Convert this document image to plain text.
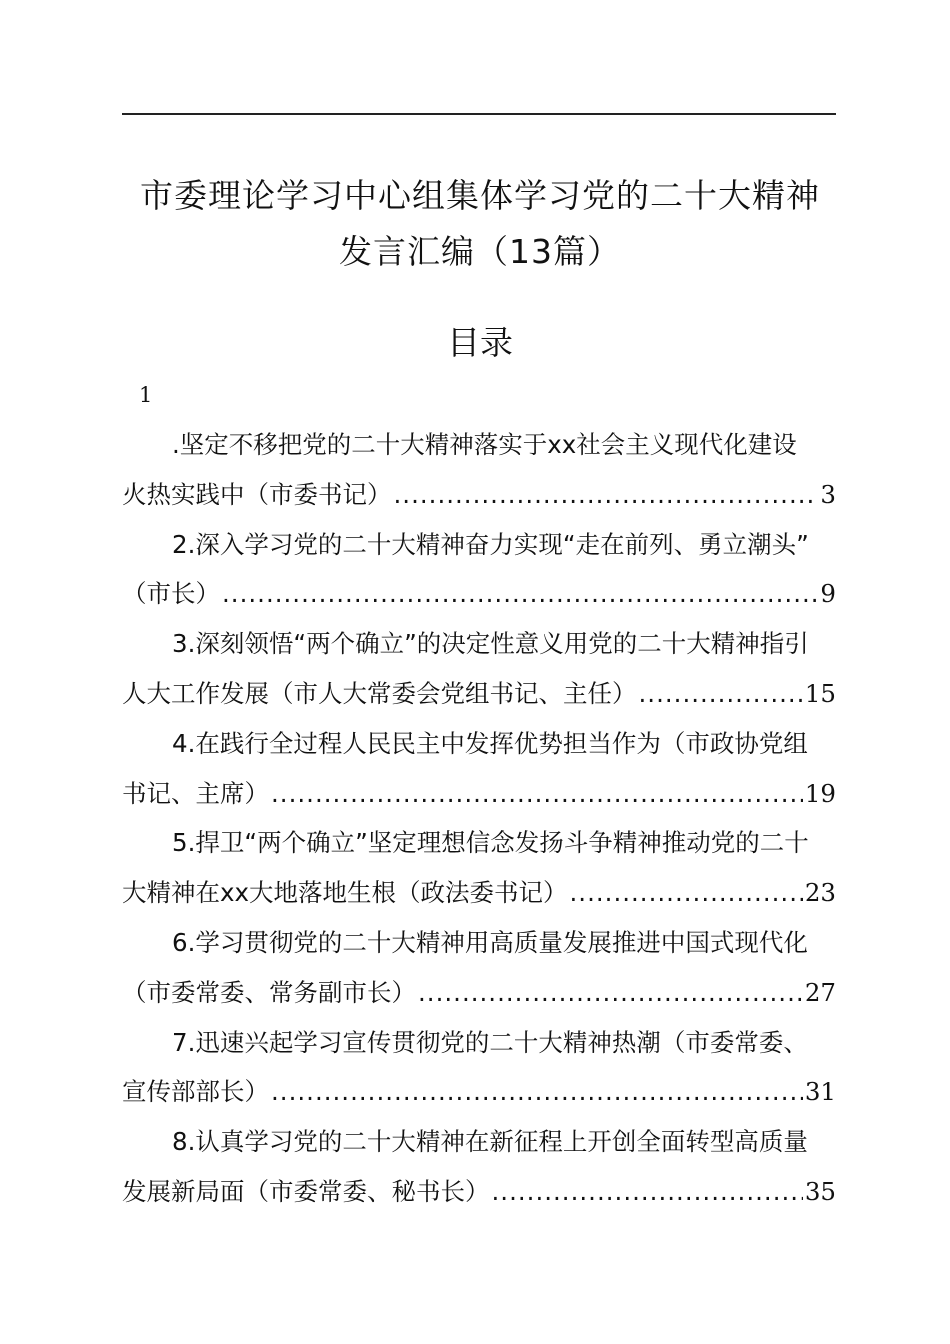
市委理论学习中心组集体学习党的二十大精神
发言汇编（13篇）
目录
1
.坚定不移把党的二十大精神落实于xx社会主义现代化建设
火热实践中（市委书记） .....	3
2.深入学习党的二十大精神奋力实现“走在前列、勇立潮头”
（市长） .....	9
3.深刻领悟“两个确立”的决定性意义用党的二十大精神指引
人大工作发展（市人大常委会党组书记、主任） .....	15
4.在践行全过程人民民主中发挥优势担当作为（市政协党组
书记、主席） .....	19
5.捍卫“两个确立”坚定理想信念发扬斗争精神推动党的二十
大精神在xx大地落地生根（政法委书记） .....	23
6.学习贯彻党的二十大精神用高质量发展推进中国式现代化
（市委常委、常务副市长） .....	27
7.迅速兴起学习宣传贯彻党的二十大精神热潮（市委常委、
宣传部部长） .....	31
8.认真学习党的二十大精神在新征程上开创全面转型高质量
发展新局面（市委常委、秘书长） .....	35
